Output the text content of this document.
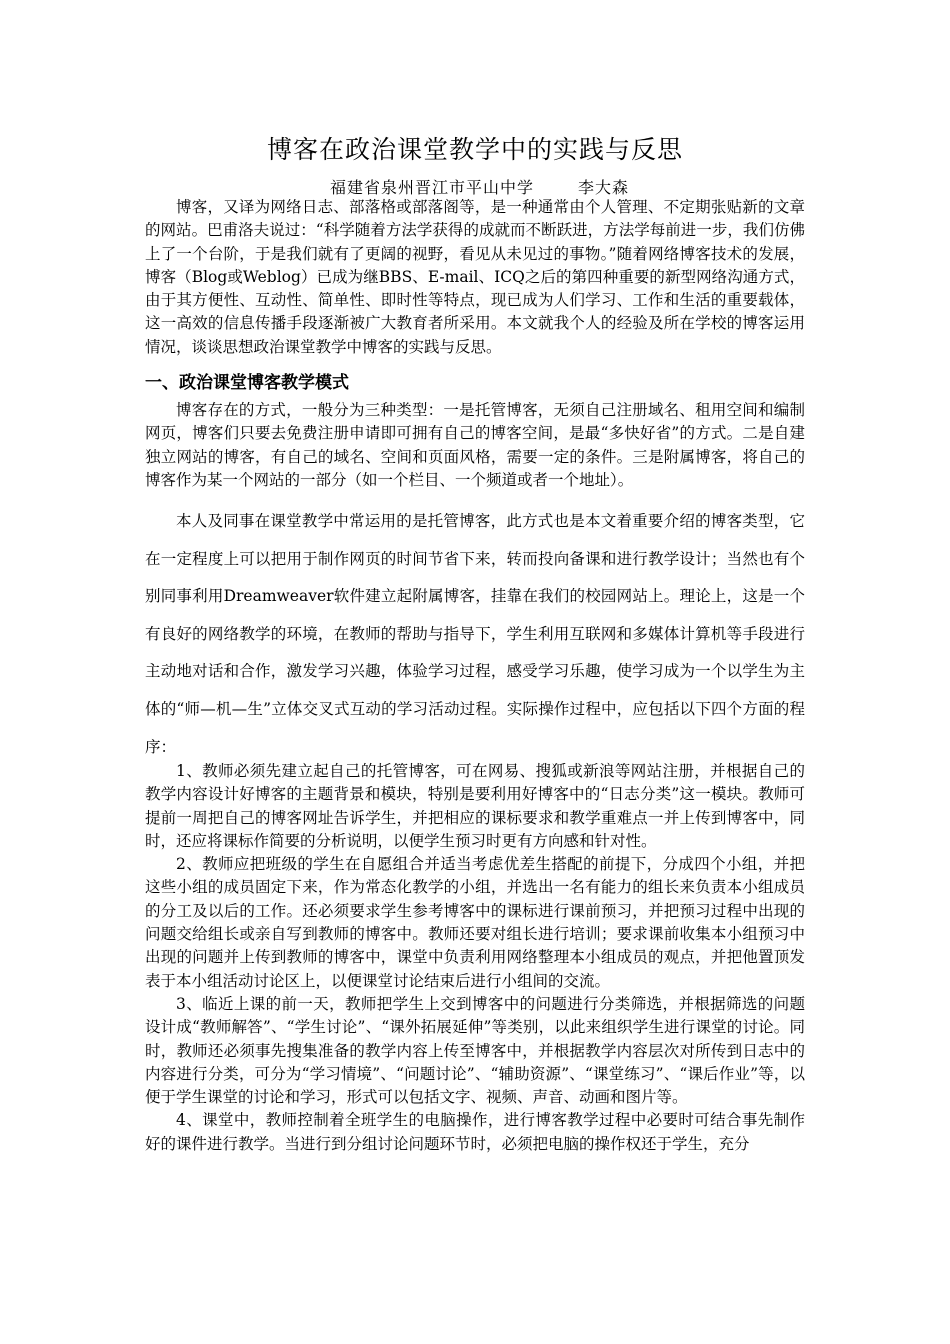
博客在政治课堂教学中的实践与反思
福建省泉州晋江市平山中学	李大森

博客，又译为网络日志、部落格或部落阁等，是一种通常由个人管理、不定期张贴新的文章的网站。巴甫洛夫说过：“科学随着方法学获得的成就而不断跃进，方法学每前进一步，我们仿佛上了一个台阶，于是我们就有了更阔的视野，看见从未见过的事物。”随着网络博客技术的发展，博客（Blog或Weblog）已成为继BBS、E-mail、ICQ之后的第四种重要的新型网络沟通方式，由于其方便性、互动性、简单性、即时性等特点，现已成为人们学习、工作和生活的重要载体，这一高效的信息传播手段逐渐被广大教育者所采用。本文就我个人的经验及所在学校的博客运用情况，谈谈思想政治课堂教学中博客的实践与反思。

一、政治课堂博客教学模式

博客存在的方式，一般分为三种类型：一是托管博客，无须自己注册域名、租用空间和编制网页，博客们只要去免费注册申请即可拥有自己的博客空间，是最“多快好省”的方式。二是自建独立网站的博客，有自己的域名、空间和页面风格，需要一定的条件。三是附属博客，将自己的博客作为某一个网站的一部分（如一个栏目、一个频道或者一个地址）。

本人及同事在课堂教学中常运用的是托管博客，此方式也是本文着重要介绍的博客类型，它在一定程度上可以把用于制作网页的时间节省下来，转而投向备课和进行教学设计；当然也有个别同事利用Dreamweaver软件建立起附属博客，挂靠在我们的校园网站上。理论上，这是一个有良好的网络教学的环境，在教师的帮助与指导下，学生利用互联网和多媒体计算机等手段进行主动地对话和合作，激发学习兴趣，体验学习过程，感受学习乐趣，使学习成为一个以学生为主体的“师—机—生”立体交叉式互动的学习活动过程。实际操作过程中，应包括以下四个方面的程序：

1、教师必须先建立起自己的托管博客，可在网易、搜狐或新浪等网站注册，并根据自己的教学内容设计好博客的主题背景和模块，特别是要利用好博客中的“日志分类”这一模块。教师可提前一周把自己的博客网址告诉学生，并把相应的课标要求和教学重难点一并上传到博客中，同时，还应将课标作简要的分析说明，以便学生预习时更有方向感和针对性。

2、教师应把班级的学生在自愿组合并适当考虑优差生搭配的前提下，分成四个小组，并把这些小组的成员固定下来，作为常态化教学的小组，并选出一名有能力的组长来负责本小组成员的分工及以后的工作。还必须要求学生参考博客中的课标进行课前预习，并把预习过程中出现的问题交给组长或亲自写到教师的博客中。教师还要对组长进行培训；要求课前收集本小组预习中出现的问题并上传到教师的博客中，课堂中负责利用网络整理本小组成员的观点，并把他置顶发表于本小组活动讨论区上，以便课堂讨论结束后进行小组间的交流。

3、临近上课的前一天，教师把学生上交到博客中的问题进行分类筛选，并根据筛选的问题设计成“教师解答”、“学生讨论”、“课外拓展延伸”等类别，以此来组织学生进行课堂的讨论。同时，教师还必须事先搜集准备的教学内容上传至博客中，并根据教学内容层次对所传到日志中的内容进行分类，可分为“学习情境”、“问题讨论”、“辅助资源”、“课堂练习”、“课后作业”等，以便于学生课堂的讨论和学习，形式可以包括文字、视频、声音、动画和图片等。

4、课堂中，教师控制着全班学生的电脑操作，进行博客教学过程中必要时可结合事先制作好的课件进行教学。当进行到分组讨论问题环节时，必须把电脑的操作权还于学生，充分
